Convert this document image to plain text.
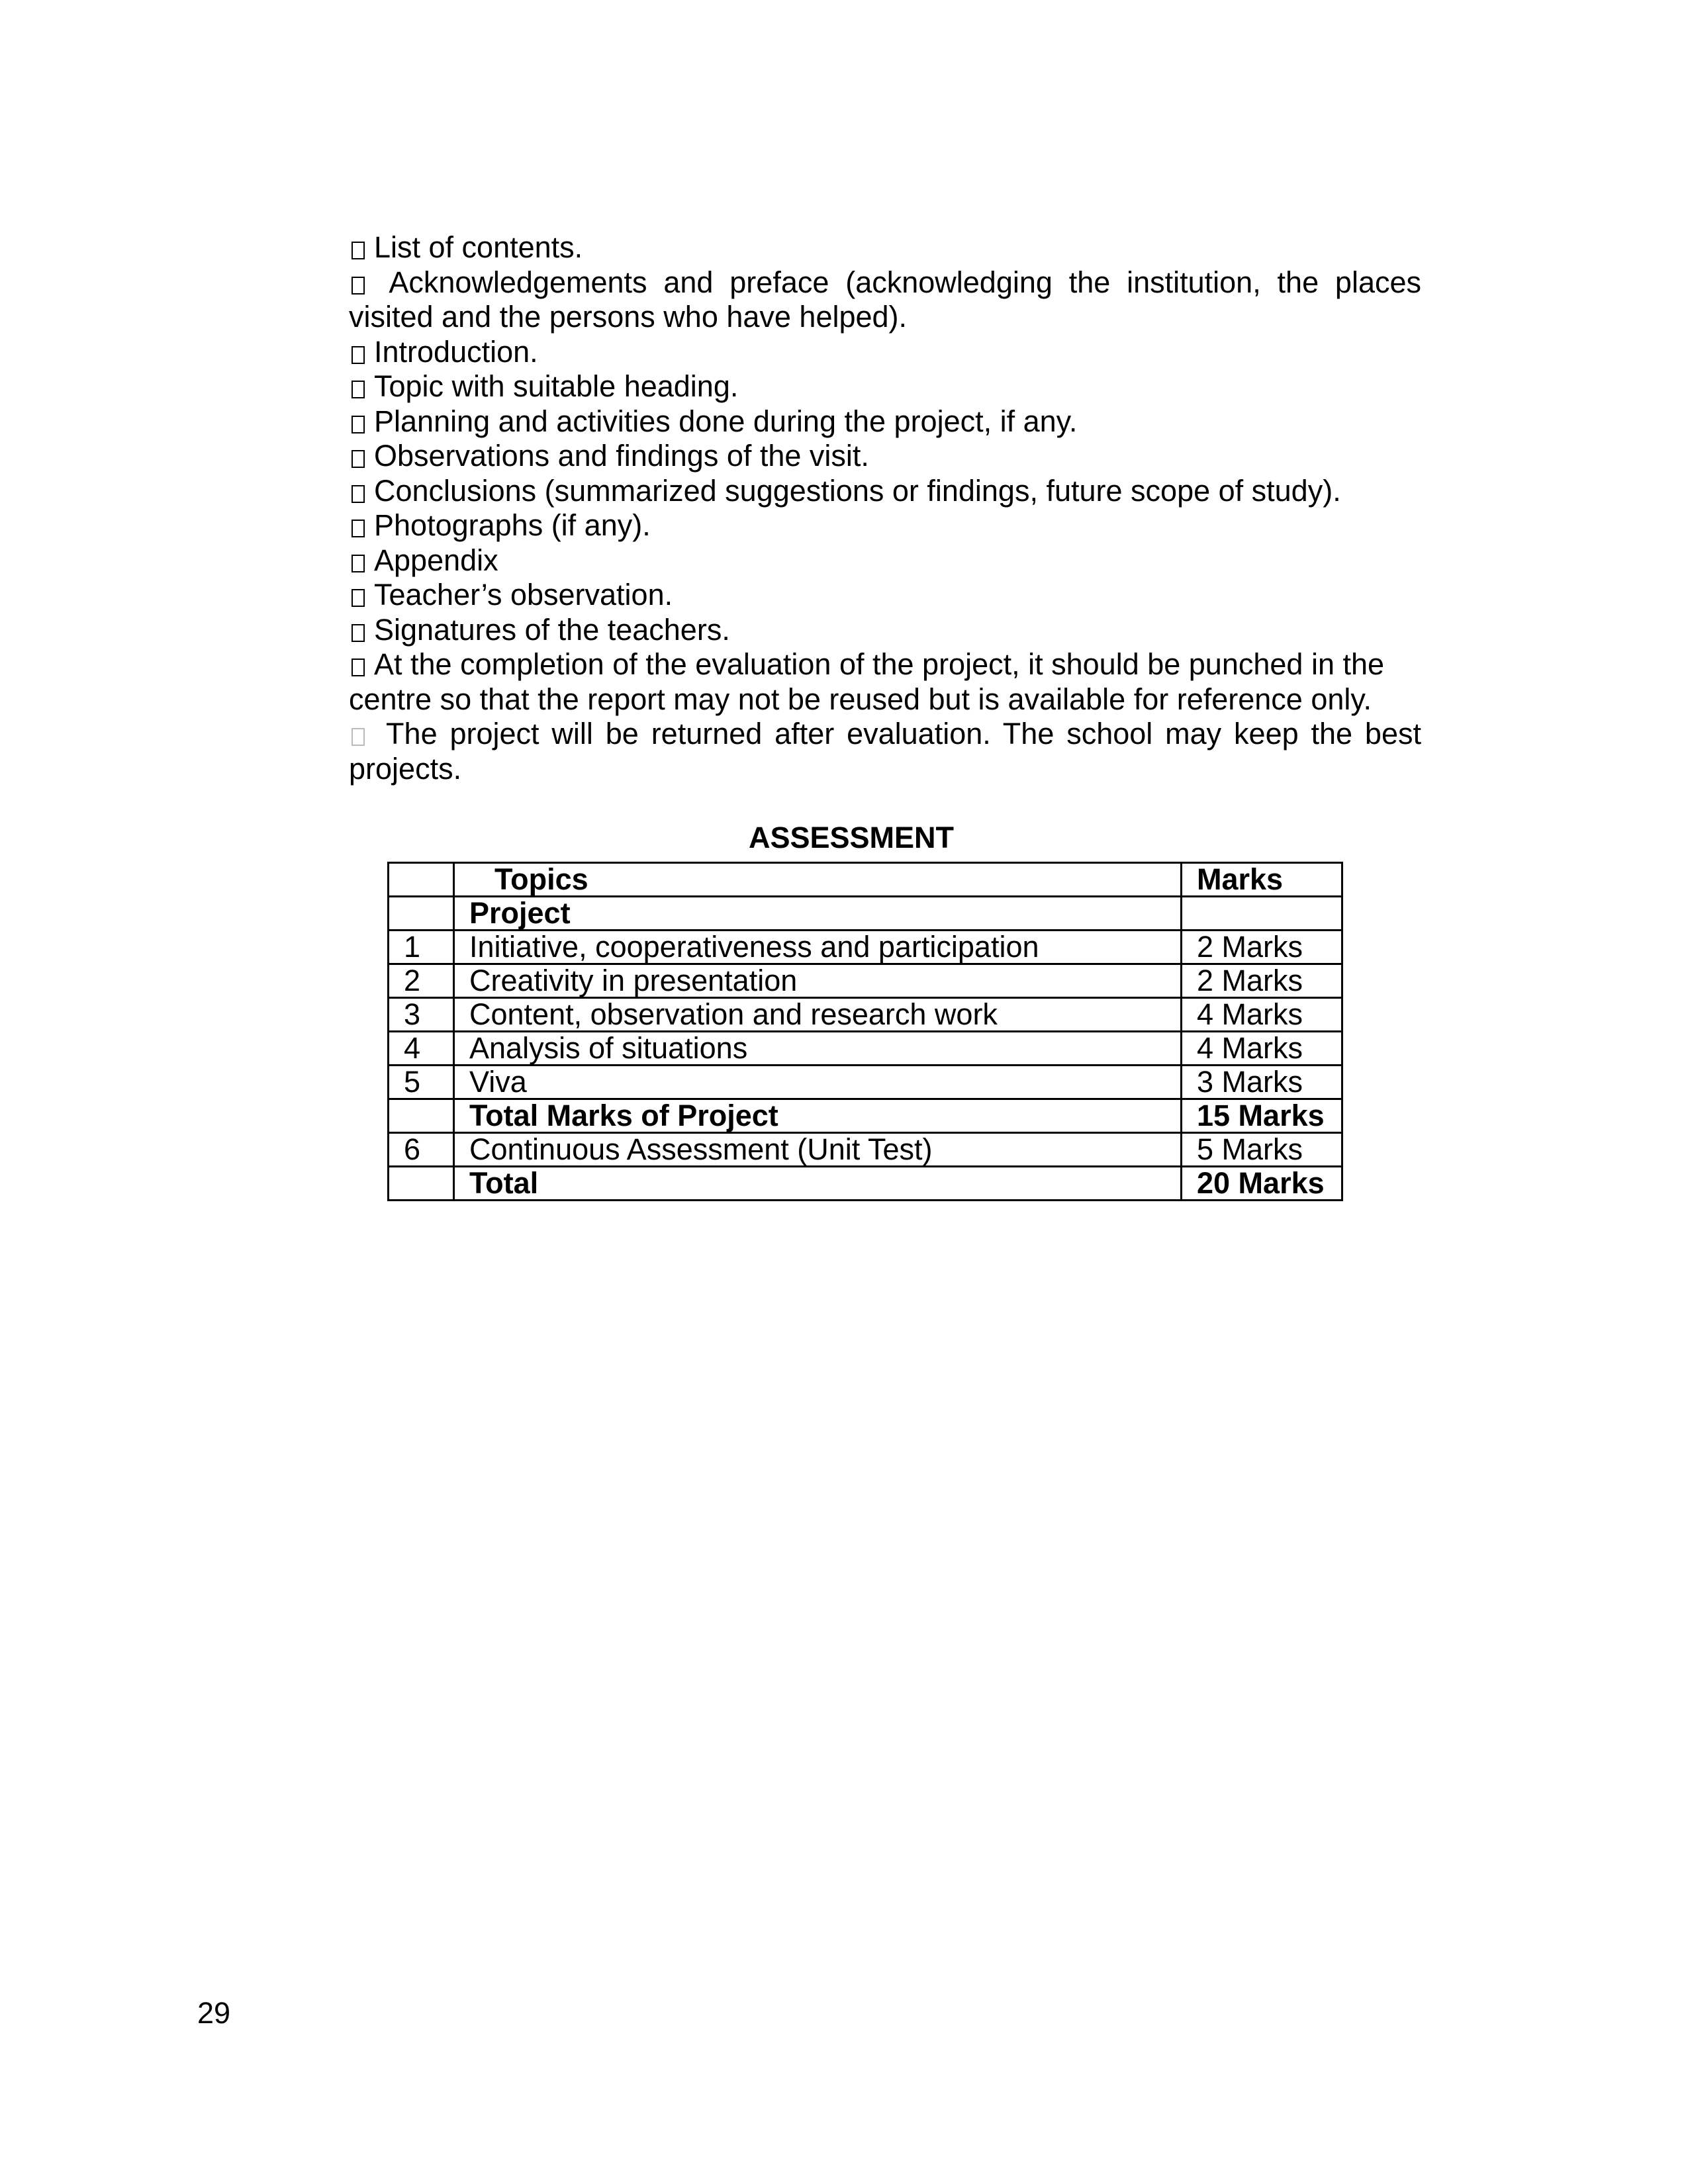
List of contents.

Acknowledgements and preface (acknowledging the institution, the places visited and the persons who have helped).

Introduction.

Topic with suitable heading.

Planning and activities done during the project, if any.

Observations and findings of the visit.

Conclusions (summarized suggestions or findings, future scope of study).

Photographs (if any).

Appendix

Teacher’s observation.

Signatures of the teachers.

At the completion of the evaluation of the project, it should be punched in the centre so that the report may not be reused but is available for reference only.

The project will be returned after evaluation. The school may keep the best projects.

ASSESSMENT
	Topics	Marks
	Project	
1	Initiative, cooperativeness and participation	2 Marks
2	Creativity in presentation	2 Marks
3	Content, observation and research work	4 Marks
4	Analysis of situations	4 Marks
5	Viva	3 Marks
	Total Marks of Project	15 Marks
6	Continuous Assessment (Unit Test)	5 Marks
	Total	20 Marks
29
